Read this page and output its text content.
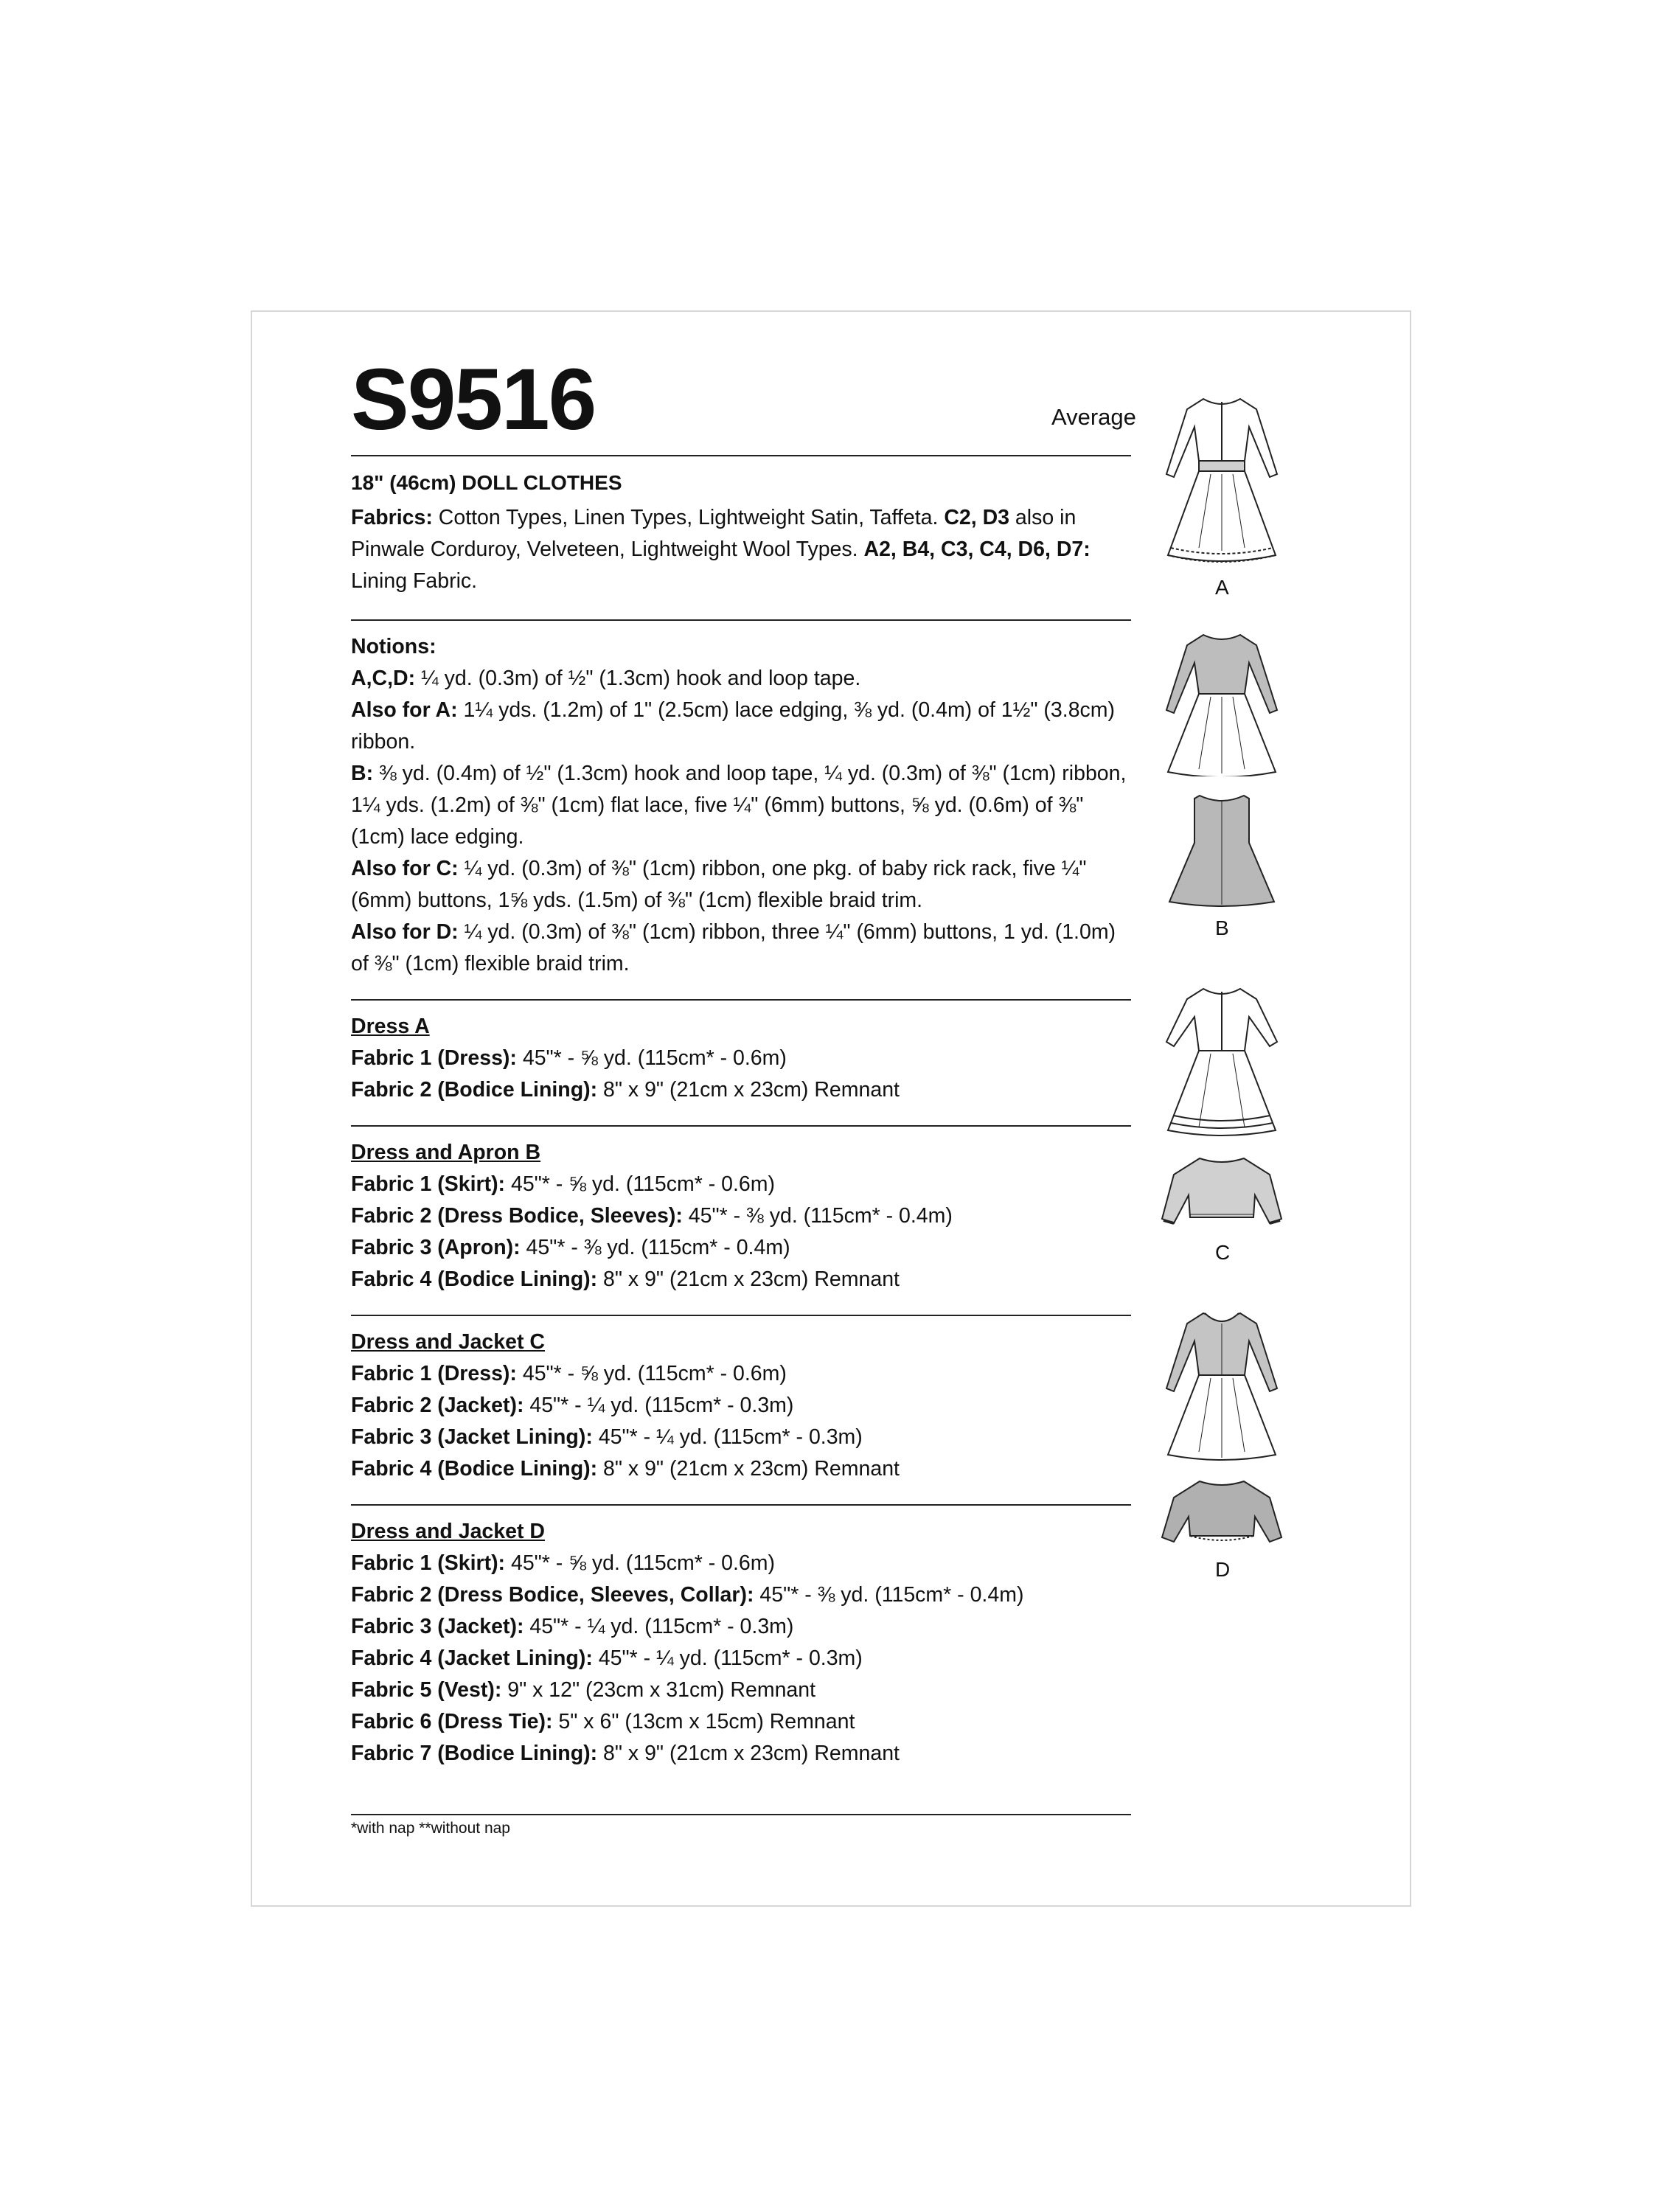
S9516	Average
18" (46cm) DOLL CLOTHES
Fabrics: Cotton Types, Linen Types, Lightweight Satin, Taffeta. C2, D3 also in Pinwale Corduroy, Velveteen, Lightweight Wool Types. A2, B4, C3, C4, D6, D7: Lining Fabric.
Notions:
A,C,D: ¼ yd. (0.3m) of ½" (1.3cm) hook and loop tape.
Also for A: 1¼ yds. (1.2m) of 1" (2.5cm) lace edging, ⅜ yd. (0.4m) of 1½" (3.8cm) ribbon.
B: ⅜ yd. (0.4m) of ½" (1.3cm) hook and loop tape, ¼ yd. (0.3m) of ⅜" (1cm) ribbon, 1¼ yds. (1.2m) of ⅜" (1cm) flat lace, five ¼" (6mm) buttons, ⅝ yd. (0.6m) of ⅜" (1cm) lace edging.
Also for C: ¼ yd. (0.3m) of ⅜" (1cm) ribbon, one pkg. of baby rick rack, five ¼" (6mm) buttons, 1⅝ yds. (1.5m) of ⅜" (1cm) flexible braid trim.
Also for D: ¼ yd. (0.3m) of ⅜" (1cm) ribbon, three ¼" (6mm) buttons, 1 yd. (1.0m) of ⅜" (1cm) flexible braid trim.
Dress A
Fabric 1 (Dress): 45"* - ⅝ yd. (115cm* - 0.6m)
Fabric 2 (Bodice Lining): 8" x 9" (21cm x 23cm) Remnant
Dress and Apron B
Fabric 1 (Skirt): 45"* - ⅝ yd. (115cm* - 0.6m)
Fabric 2 (Dress Bodice, Sleeves): 45"* - ⅜ yd. (115cm* - 0.4m)
Fabric 3 (Apron): 45"* - ⅜ yd. (115cm* - 0.4m)
Fabric 4 (Bodice Lining): 8" x 9" (21cm x 23cm) Remnant
Dress and Jacket C
Fabric 1 (Dress): 45"* - ⅝ yd. (115cm* - 0.6m)
Fabric 2 (Jacket): 45"* - ¼ yd. (115cm* - 0.3m)
Fabric 3 (Jacket Lining): 45"* - ¼ yd. (115cm* - 0.3m)
Fabric 4 (Bodice Lining): 8" x 9" (21cm x 23cm) Remnant
Dress and Jacket D
Fabric 1 (Skirt): 45"* - ⅝ yd. (115cm* - 0.6m)
Fabric 2 (Dress Bodice, Sleeves, Collar): 45"* - ⅜ yd. (115cm* - 0.4m)
Fabric 3 (Jacket): 45"* - ¼ yd. (115cm* - 0.3m)
Fabric 4 (Jacket Lining): 45"* - ¼ yd. (115cm* - 0.3m)
Fabric 5 (Vest): 9" x 12" (23cm x 31cm) Remnant
Fabric 6 (Dress Tie): 5" x 6" (13cm x 15cm) Remnant
Fabric 7 (Bodice Lining): 8" x 9" (21cm x 23cm) Remnant
*with nap **without nap
A
B
C
D
